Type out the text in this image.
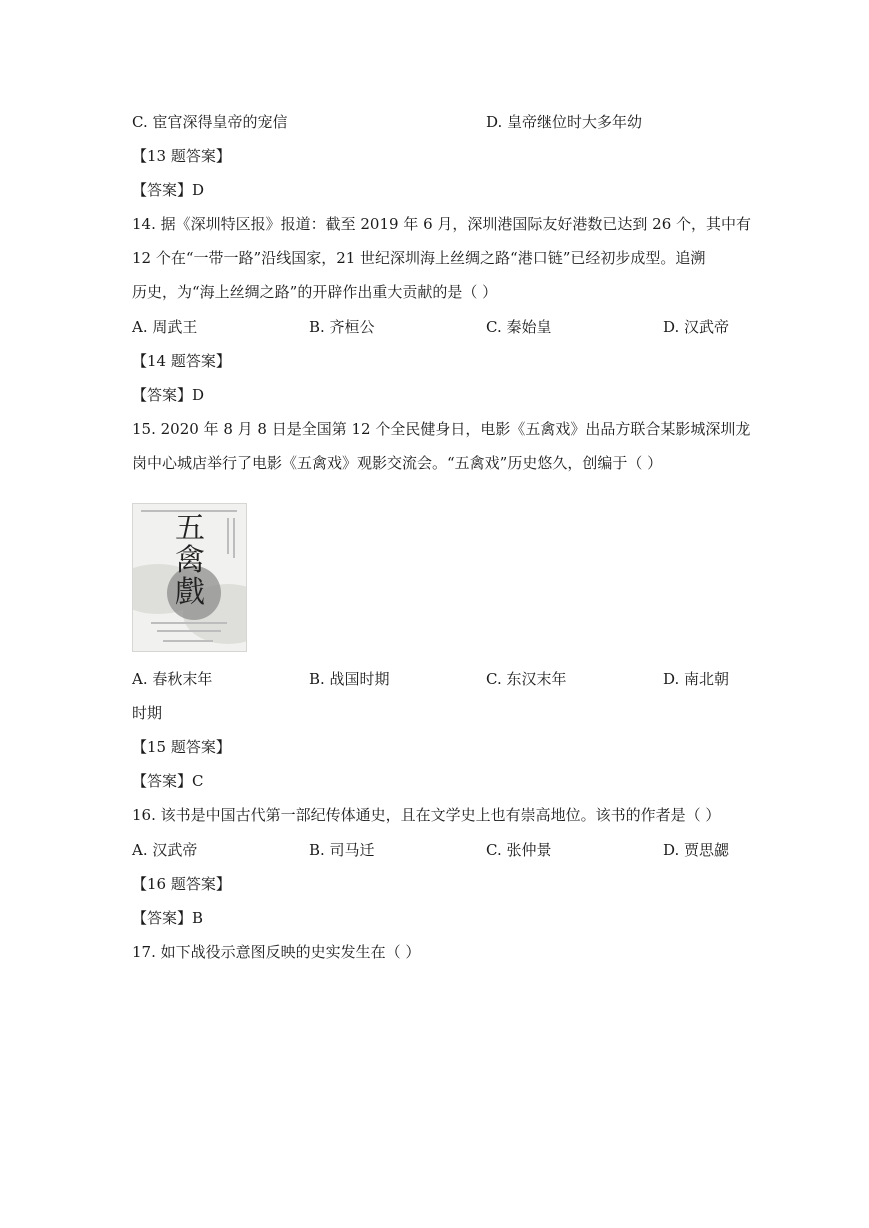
C. 宦官深得皇帝的宠信	D. 皇帝继位时大多年幼
【13 题答案】
【答案】D
14. 据《深圳特区报》报道：截至 2019 年 6 月，深圳港国际友好港数已达到 26 个，其中有
12 个在“一带一路”沿线国家，21 世纪深圳海上丝绸之路“港口链”已经初步成型。追溯
历史，为“海上丝绸之路”的开辟作出重大贡献的是（ ）
A. 周武王	B. 齐桓公	C. 秦始皇	D. 汉武帝
【14 题答案】
【答案】D
15. 2020 年 8 月 8 日是全国第 12 个全民健身日，电影《五禽戏》出品方联合某影城深圳龙
岗中心城店举行了电影《五禽戏》观影交流会。“五禽戏”历史悠久，创编于（ ）
五
禽
戲
A. 春秋末年	B. 战国时期	C. 东汉末年	D. 南北朝
时期
【15 题答案】
【答案】C
16. 该书是中国古代第一部纪传体通史，且在文学史上也有崇高地位。该书的作者是（ ）
A. 汉武帝	B. 司马迁	C. 张仲景	D. 贾思勰
【16 题答案】
【答案】B
17. 如下战役示意图反映的史实发生在（ ）
